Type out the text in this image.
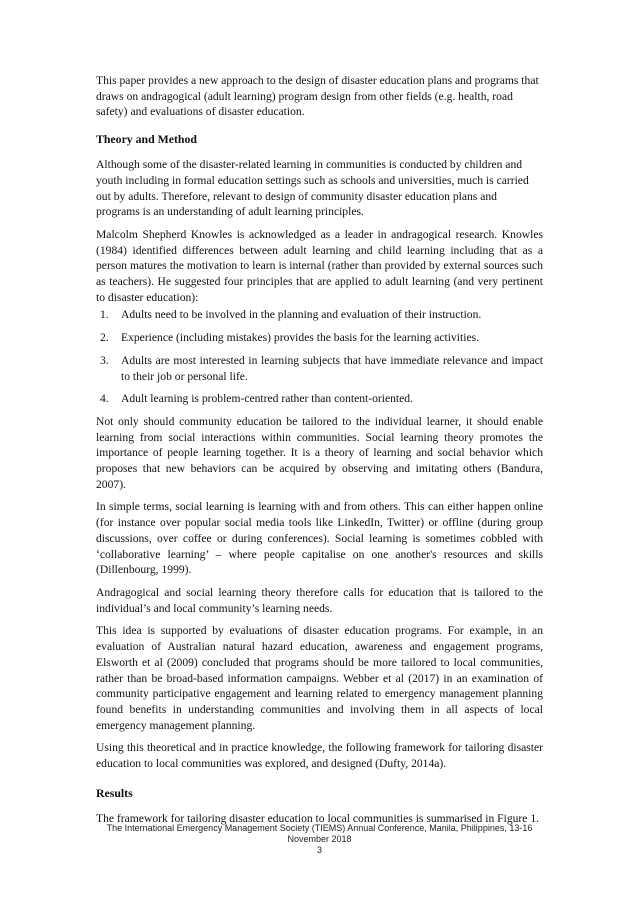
This paper provides a new approach to the design of disaster education plans and programs that draws on andragogical (adult learning) program design from other fields (e.g. health, road safety) and evaluations of disaster education.

Theory and Method

Although some of the disaster-related learning in communities is conducted by children and youth including in formal education settings such as schools and universities, much is carried out by adults. Therefore, relevant to design of community disaster education plans and programs is an understanding of adult learning principles.

Malcolm Shepherd Knowles is acknowledged as a leader in andragogical research. Knowles (1984) identified differences between adult learning and child learning including that as a person matures the motivation to learn is internal (rather than provided by external sources such as teachers). He suggested four principles that are applied to adult learning (and very pertinent to disaster education):

1. Adults need to be involved in the planning and evaluation of their instruction.
2. Experience (including mistakes) provides the basis for the learning activities.
3. Adults are most interested in learning subjects that have immediate relevance and impact to their job or personal life.
4. Adult learning is problem-centred rather than content-oriented.

Not only should community education be tailored to the individual learner, it should enable learning from social interactions within communities. Social learning theory promotes the importance of people learning together. It is a theory of learning and social behavior which proposes that new behaviors can be acquired by observing and imitating others (Bandura, 2007).

In simple terms, social learning is learning with and from others. This can either happen online (for instance over popular social media tools like LinkedIn, Twitter) or offline (during group discussions, over coffee or during conferences). Social learning is sometimes cobbled with ‘collaborative learning’ – where people capitalise on one another's resources and skills (Dillenbourg, 1999).

Andragogical and social learning theory therefore calls for education that is tailored to the individual’s and local community’s learning needs.

This idea is supported by evaluations of disaster education programs. For example, in an evaluation of Australian natural hazard education, awareness and engagement programs, Elsworth et al (2009) concluded that programs should be more tailored to local communities, rather than be broad-based information campaigns. Webber et al (2017) in an examination of community participative engagement and learning related to emergency management planning found benefits in understanding communities and involving them in all aspects of local emergency management planning.

Using this theoretical and in practice knowledge, the following framework for tailoring disaster education to local communities was explored, and designed (Dufty, 2014a).

Results

The framework for tailoring disaster education to local communities is summarised in Figure 1.

The International Emergency Management Society (TIEMS) Annual Conference, Manila, Philippines, 13-16
November 2018
3
